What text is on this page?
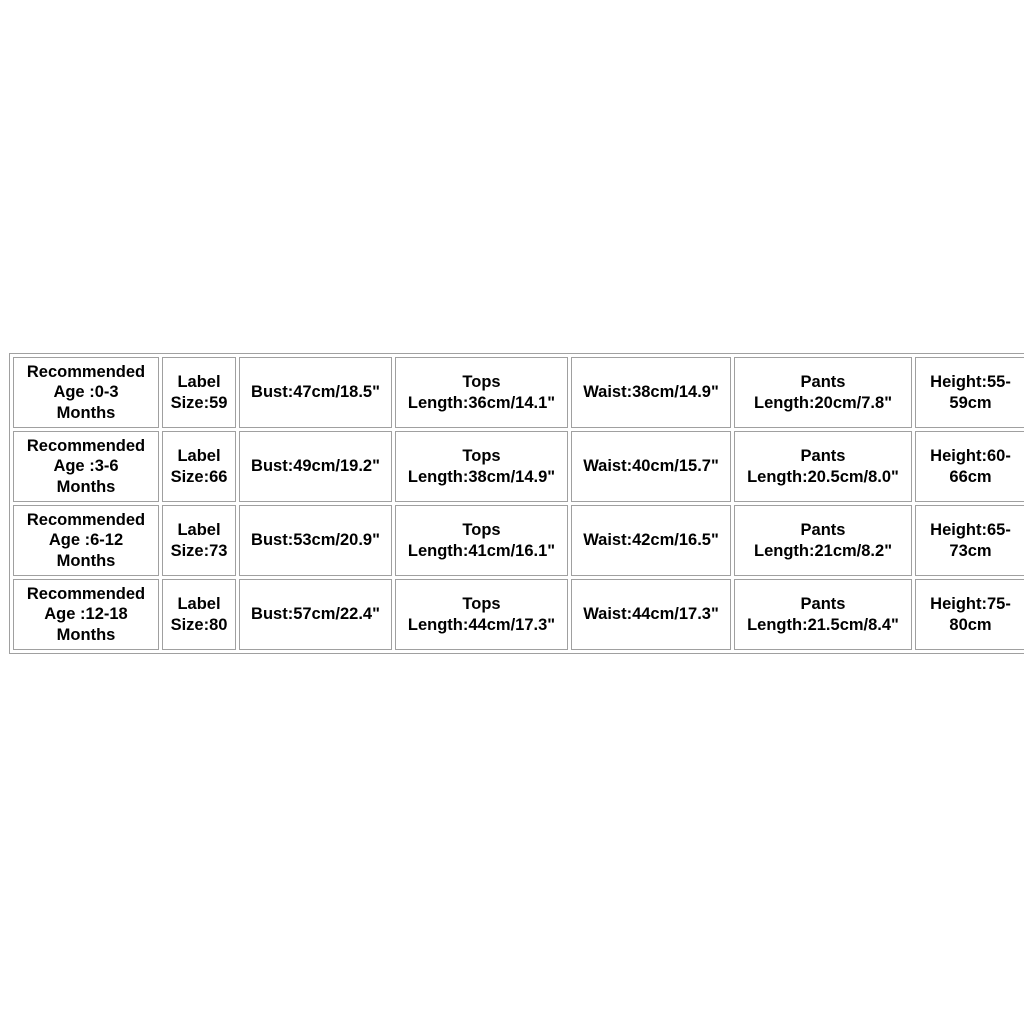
Recommended
Age :0-3
Months	Label
Size:59	Bust:47cm/18.5"	Tops
Length:36cm/14.1"	Waist:38cm/14.9"	Pants
Length:20cm/7.8"	Height:55-
59cm

Recommended
Age :3-6
Months	Label
Size:66	Bust:49cm/19.2"	Tops
Length:38cm/14.9"	Waist:40cm/15.7"	Pants
Length:20.5cm/8.0"	Height:60-
66cm

Recommended
Age :6-12
Months	Label
Size:73	Bust:53cm/20.9"	Tops
Length:41cm/16.1"	Waist:42cm/16.5"	Pants
Length:21cm/8.2"	Height:65-
73cm

Recommended
Age :12-18
Months	Label
Size:80	Bust:57cm/22.4"	Tops
Length:44cm/17.3"	Waist:44cm/17.3"	Pants
Length:21.5cm/8.4"	Height:75-
80cm
